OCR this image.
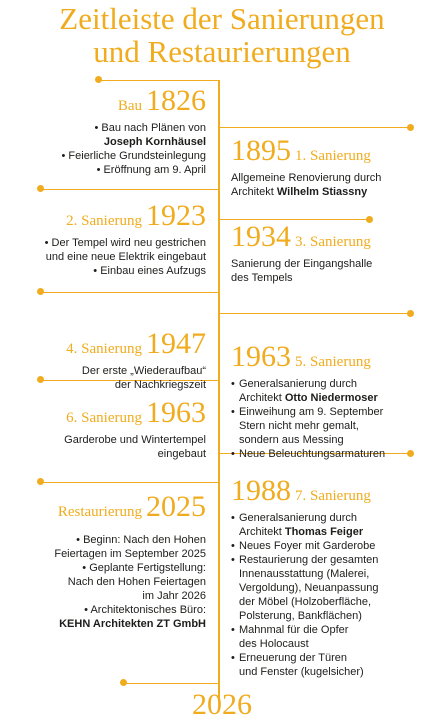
Zeitleiste der Sanierungen
und Restaurierungen
Bau 1826
• Bau nach Plänen von
Joseph Kornhäusel
• Feierliche Grundsteinlegung
• Eröffnung am 9. April
1895 1. Sanierung
Allgemeine Renovierung durch
Architekt Wilhelm Stiassny
2. Sanierung 1923
• Der Tempel wird neu gestrichen
und eine neue Elektrik eingebaut
• Einbau eines Aufzugs
1934 3. Sanierung
Sanierung der Eingangshalle
des Tempels
4. Sanierung 1947
Der erste „Wiederaufbau“
der Nachkriegszeit
1963 5. Sanierung
• Generalsanierung durch
Architekt Otto Niedermoser
• Einweihung am 9. September
Stern nicht mehr gemalt,
sondern aus Messing
• Neue Beleuchtungsarmaturen
6. Sanierung 1963
Garderobe und Wintertempel
eingebaut
1988 7. Sanierung
• Generalsanierung durch
Architekt Thomas Feiger
• Neues Foyer mit Garderobe
• Restaurierung der gesamten
Innenausstattung (Malerei,
Vergoldung), Neuanpassung
der Möbel (Holzoberfläche,
Polsterung, Bankflächen)
• Mahnmal für die Opfer
des Holocaust
• Erneuerung der Türen
und Fenster (kugelsicher)
Restaurierung 2025
• Beginn: Nach den Hohen
Feiertagen im September 2025
• Geplante Fertigstellung:
Nach den Hohen Feiertagen
im Jahr 2026
• Architektonisches Büro:
KEHN Architekten ZT GmbH
2026
